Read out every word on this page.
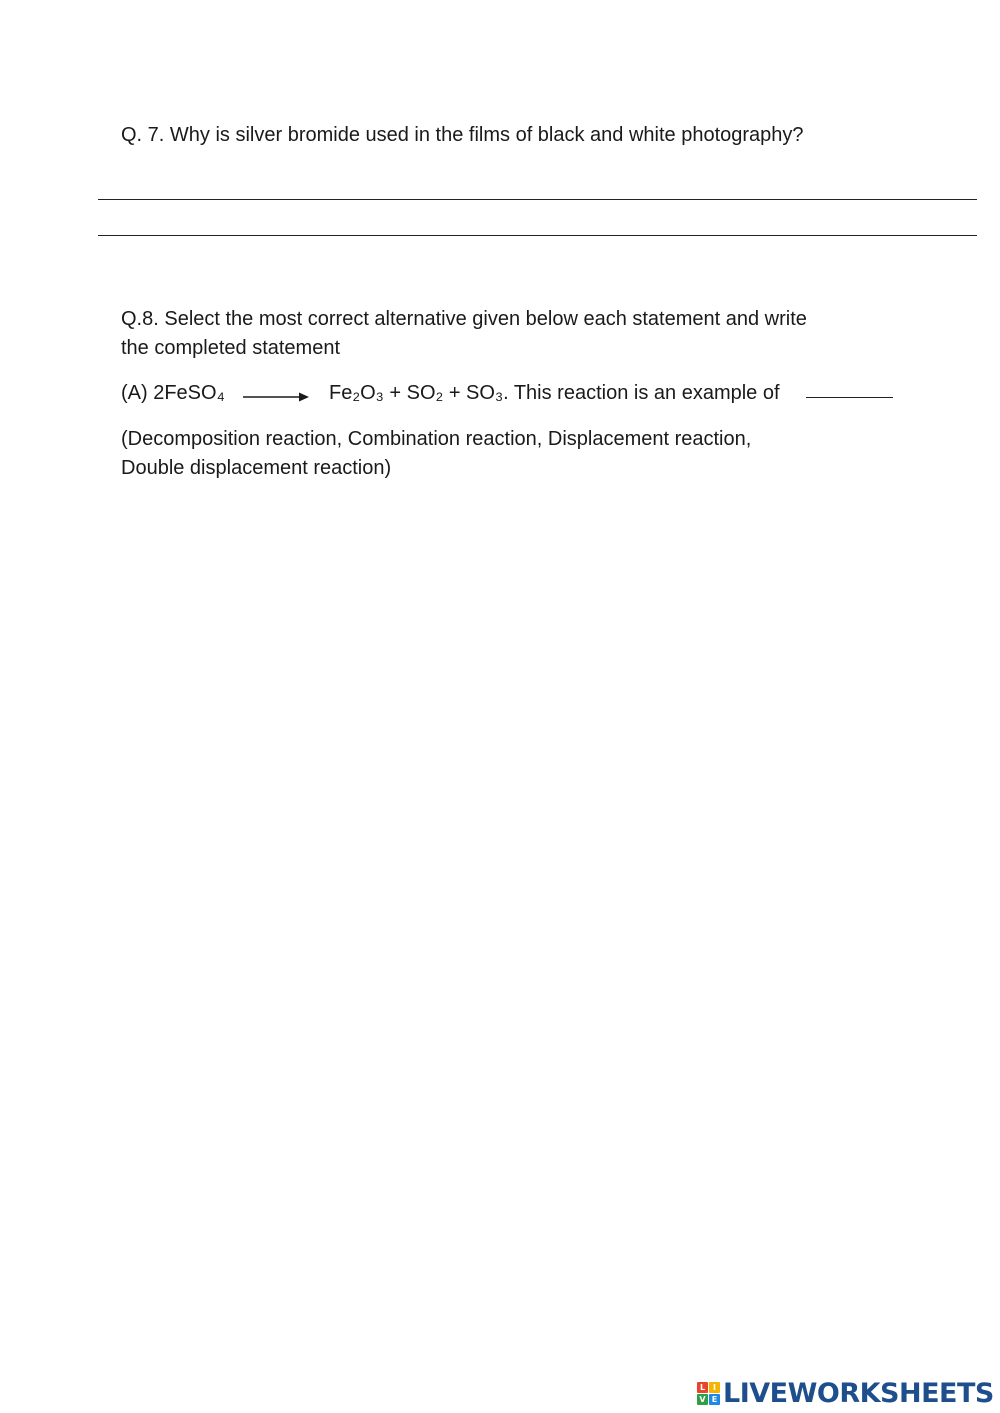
Q. 7. Why is silver bromide used in the films of black and white photography?
Q.8. Select the most correct alternative given below each statement and write
the completed statement
(A) 2FeSO₄	Fe₂O₃ + SO₂ + SO₃. This reaction is an example of
(Decomposition reaction, Combination reaction, Displacement reaction,
Double displacement reaction)
L I
V E LIVEWORKSHEETS
